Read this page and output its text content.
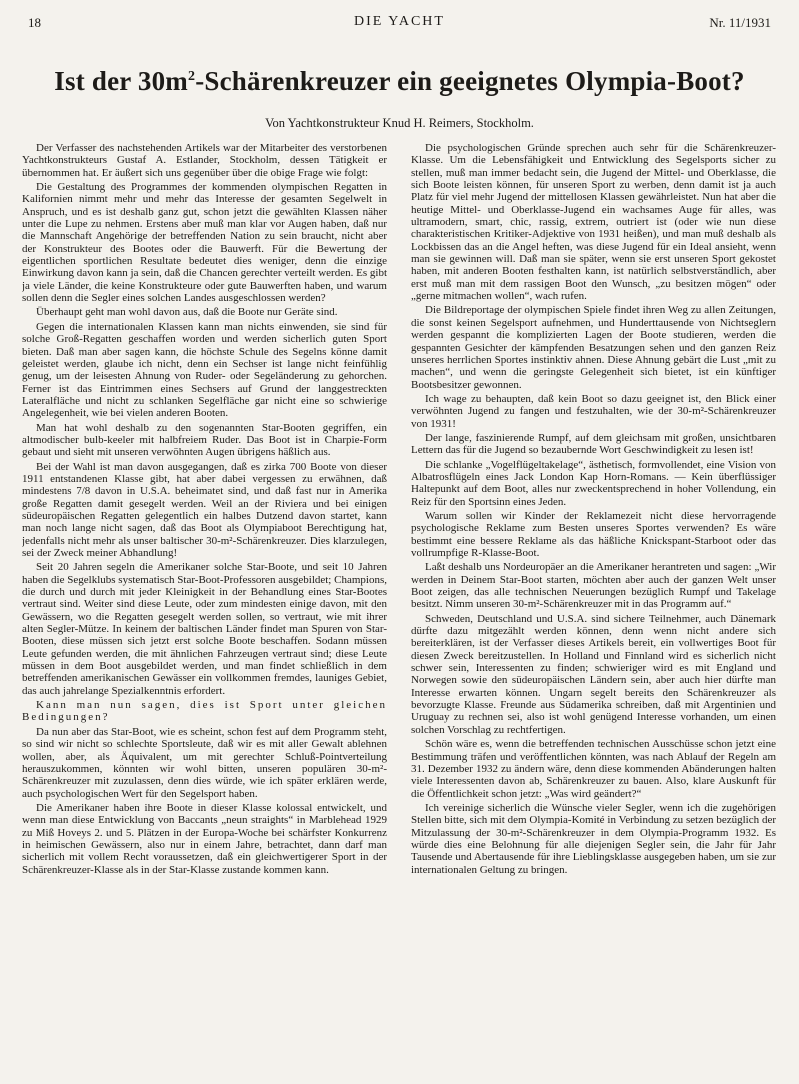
18	DIE YACHT	Nr. 11/1931
Ist der $30m^2$-Schärenkreuzer ein geeignetes Olympia-Boot?
Von Yachtkonstrukteur Knud H. Reimers, Stockholm.

Der Verfasser des nachstehenden Artikels war der Mitarbeiter des verstorbenen Yachtkonstrukteurs Gustaf A. Estlander, Stockholm, dessen Tätigkeit er übernommen hat. Er äußert sich uns gegenüber über die obige Frage wie folgt:

Die Gestaltung des Programmes der kommenden olympischen Regatten in Kalifornien nimmt mehr und mehr das Interesse der gesamten Segelwelt in Anspruch, und es ist deshalb ganz gut, schon jetzt die gewählten Klassen näher unter die Lupe zu nehmen. Erstens aber muß man klar vor Augen haben, daß nur die Mannschaft Angehörige der betreffenden Nation zu sein braucht, nicht aber der Konstrukteur des Bootes oder die Bauwerft. Für die Bewertung der eigentlichen sportlichen Resultate bedeutet dies weniger, denn die einzige Einwirkung davon kann ja sein, daß die Chancen gerechter verteilt werden. Es gibt ja viele Länder, die keine Konstrukteure oder gute Bauwerften haben, und warum sollen denn die Segler eines solchen Landes ausgeschlossen werden?

Überhaupt geht man wohl davon aus, daß die Boote nur Geräte sind.

Gegen die internationalen Klassen kann man nichts einwenden, sie sind für solche Groß-Regatten geschaffen worden und werden sicherlich guten Sport bieten. Daß man aber sagen kann, die höchste Schule des Segelns könne damit geleistet werden, glaube ich nicht, denn ein Sechser ist lange nicht feinfühlig genug, um der leisesten Ahnung von Ruder- oder Segeländerung zu gehorchen. Ferner ist das Eintrimmen eines Sechsers auf Grund der langgestreckten Lateralfläche und nicht zu schlanken Segelfläche gar nicht eine so schwierige Angelegenheit, wie bei vielen anderen Booten.

Man hat wohl deshalb zu den sogenannten Star-Booten gegriffen, ein altmodischer bulb-keeler mit halbfreiem Ruder. Das Boot ist in Charpie-Form gebaut und sieht mit unseren verwöhnten Augen übrigens häßlich aus.

Bei der Wahl ist man davon ausgegangen, daß es zirka 700 Boote von dieser 1911 entstandenen Klasse gibt, hat aber dabei vergessen zu erwähnen, daß mindestens 7/8 davon in U.S.A. beheimatet sind, und daß fast nur in Amerika große Regatten damit gesegelt werden. Weil an der Riviera und bei einigen südeuropäischen Regatten gelegentlich ein halbes Dutzend davon startet, kann man noch lange nicht sagen, daß das Boot als Olympiaboot Berechtigung hat, jedenfalls nicht mehr als unser baltischer 30-m²-Schärenkreuzer. Dies klarzulegen, sei der Zweck meiner Abhandlung!

Seit 20 Jahren segeln die Amerikaner solche Star-Boote, und seit 10 Jahren haben die Segelklubs systematisch Star-Boot-Professoren ausgebildet; Champions, die durch und durch mit jeder Kleinigkeit in der Behandlung eines Star-Bootes vertraut sind. Weiter sind diese Leute, oder zum mindesten einige davon, mit den Gewässern, wo die Regatten gesegelt werden sollen, so vertraut, wie mit ihrer alten Segler-Mütze. In keinem der baltischen Länder findet man Spuren von Star-Booten, diese müssen sich jetzt erst solche Boote beschaffen. Sodann müssen Leute gefunden werden, die mit ähnlichen Fahrzeugen vertraut sind; diese Leute müssen in dem Boot ausgebildet werden, und man findet schließlich in dem betreffenden amerikanischen Gewässer ein vollkommen fremdes, launiges Gebiet, das auch jahrelange Spezialkenntnis erfordert.

Kann man nun sagen, dies ist Sport unter gleichen Bedingungen?

Da nun aber das Star-Boot, wie es scheint, schon fest auf dem Programm steht, so sind wir nicht so schlechte Sportsleute, daß wir es mit aller Gewalt ablehnen wollen, aber, als Äquivalent, um mit gerechter Schluß-Pointverteilung herauszukommen, könnten wir wohl bitten, unseren populären 30-m²-Schärenkreuzer mit zuzulassen, denn dies würde, wie ich später erklären werde, auch psychologischen Wert für den Segelsport haben.

Die Amerikaner haben ihre Boote in dieser Klasse kolossal entwickelt, und wenn man diese Entwicklung von Baccants „neun straights“ in Marblehead 1929 zu Miß Hoveys 2. und 5. Plätzen in der Europa-Woche bei schärfster Konkurrenz in heimischen Gewässern, also nur in einem Jahre, betrachtet, dann darf man sicherlich mit vollem Recht voraussetzen, daß ein gleichwertigerer Sport in der Schärenkreuzer-Klasse als in der Star-Klasse zustande kommen kann.

Die psychologischen Gründe sprechen auch sehr für die Schärenkreuzer-Klasse. Um die Lebensfähigkeit und Entwicklung des Segelsports sicher zu stellen, muß man immer bedacht sein, die Jugend der Mittel- und Oberklasse, die sich Boote leisten können, für unseren Sport zu werben, denn damit ist ja auch Platz für viel mehr Jugend der mittellosen Klassen gewährleistet. Nun hat aber die heutige Mittel- und Oberklasse-Jugend ein wachsames Auge für alles, was ultramodern, smart, chic, rassig, extrem, outriert ist (oder wie nun diese charakteristischen Kritiker-Adjektive von 1931 heißen), und man muß deshalb als Lockbissen das an die Angel heften, was diese Jugend für ein Ideal ansieht, wenn man sie gewinnen will. Daß man sie später, wenn sie erst unseren Sport gekostet haben, mit anderen Booten festhalten kann, ist natürlich selbstverständlich, aber erst muß man mit dem rassigen Boot den Wunsch, „zu besitzen mögen“ oder „gerne mitmachen wollen“, wach rufen.

Die Bildreportage der olympischen Spiele findet ihren Weg zu allen Zeitungen, die sonst keinen Segelsport aufnehmen, und Hunderttausende von Nichtseglern werden gespannt die komplizierten Lagen der Boote studieren, werden die gespannten Gesichter der kämpfenden Besatzungen sehen und den ganzen Reiz unseres herrlichen Sportes instinktiv ahnen. Diese Ahnung gebärt die Lust „mit zu machen“, und wenn die geringste Gelegenheit sich bietet, ist ein künftiger Bootsbesitzer gewonnen.

Ich wage zu behaupten, daß kein Boot so dazu geeignet ist, den Blick einer verwöhnten Jugend zu fangen und festzuhalten, wie der 30-m²-Schärenkreuzer von 1931!

Der lange, faszinierende Rumpf, auf dem gleichsam mit großen, unsichtbaren Lettern das für die Jugend so bezaubernde Wort Geschwindigkeit zu lesen ist!

Die schlanke „Vogelflügeltakelage“, ästhetisch, formvollendet, eine Vision von Albatrosflügeln eines Jack London Kap Horn-Romans. — Kein überflüssiger Haltepunkt auf dem Boot, alles nur zweckentsprechend in hoher Vollendung, ein Reiz für den Sportsinn eines Jeden.

Warum sollen wir Kinder der Reklamezeit nicht diese hervorragende psychologische Reklame zum Besten unseres Sportes verwenden? Es wäre bestimmt eine bessere Reklame als das häßliche Knickspant-Starboot oder das vollrumpfige R-Klasse-Boot.

Laßt deshalb uns Nordeuropäer an die Amerikaner herantreten und sagen: „Wir werden in Deinem Star-Boot starten, möchten aber auch der ganzen Welt unser Boot zeigen, das alle technischen Neuerungen bezüglich Rumpf und Takelage besitzt. Nimm unseren 30-m²-Schärenkreuzer mit in das Programm auf.“

Schweden, Deutschland und U.S.A. sind sichere Teilnehmer, auch Dänemark dürfte dazu mitgezählt werden können, denn wenn nicht andere sich bereiterklären, ist der Verfasser dieses Artikels bereit, ein vollwertiges Boot für diesen Zweck bereitzustellen. In Holland und Finnland wird es sicherlich nicht schwer sein, Interessenten zu finden; schwieriger wird es mit England und Norwegen sowie den südeuropäischen Ländern sein, aber auch hier dürfte man Interesse erwarten können. Ungarn segelt bereits den Schärenkreuzer als bevorzugte Klasse. Freunde aus Südamerika schreiben, daß mit Argentinien und Uruguay zu rechnen sei, also ist wohl genügend Interesse vorhanden, um einen solchen Vorschlag zu rechtfertigen.

Schön wäre es, wenn die betreffenden technischen Ausschüsse schon jetzt eine Bestimmung träfen und veröffentlichen könnten, was nach Ablauf der Regeln am 31. Dezember 1932 zu ändern wäre, denn diese kommenden Abänderungen halten viele Interessenten davon ab, Schärenkreuzer zu bauen. Also, klare Auskunft für die Öffentlichkeit schon jetzt: „Was wird geändert?“

Ich vereinige sicherlich die Wünsche vieler Segler, wenn ich die zugehörigen Stellen bitte, sich mit dem Olympia-Komité in Verbindung zu setzen bezüglich der Mitzulassung der 30-m²-Schärenkreuzer in dem Olympia-Programm 1932. Es würde dies eine Belohnung für alle diejenigen Segler sein, die Jahr für Jahr Tausende und Abertausende für ihre Lieblingsklasse ausgegeben haben, um sie zur internationalen Geltung zu bringen.
